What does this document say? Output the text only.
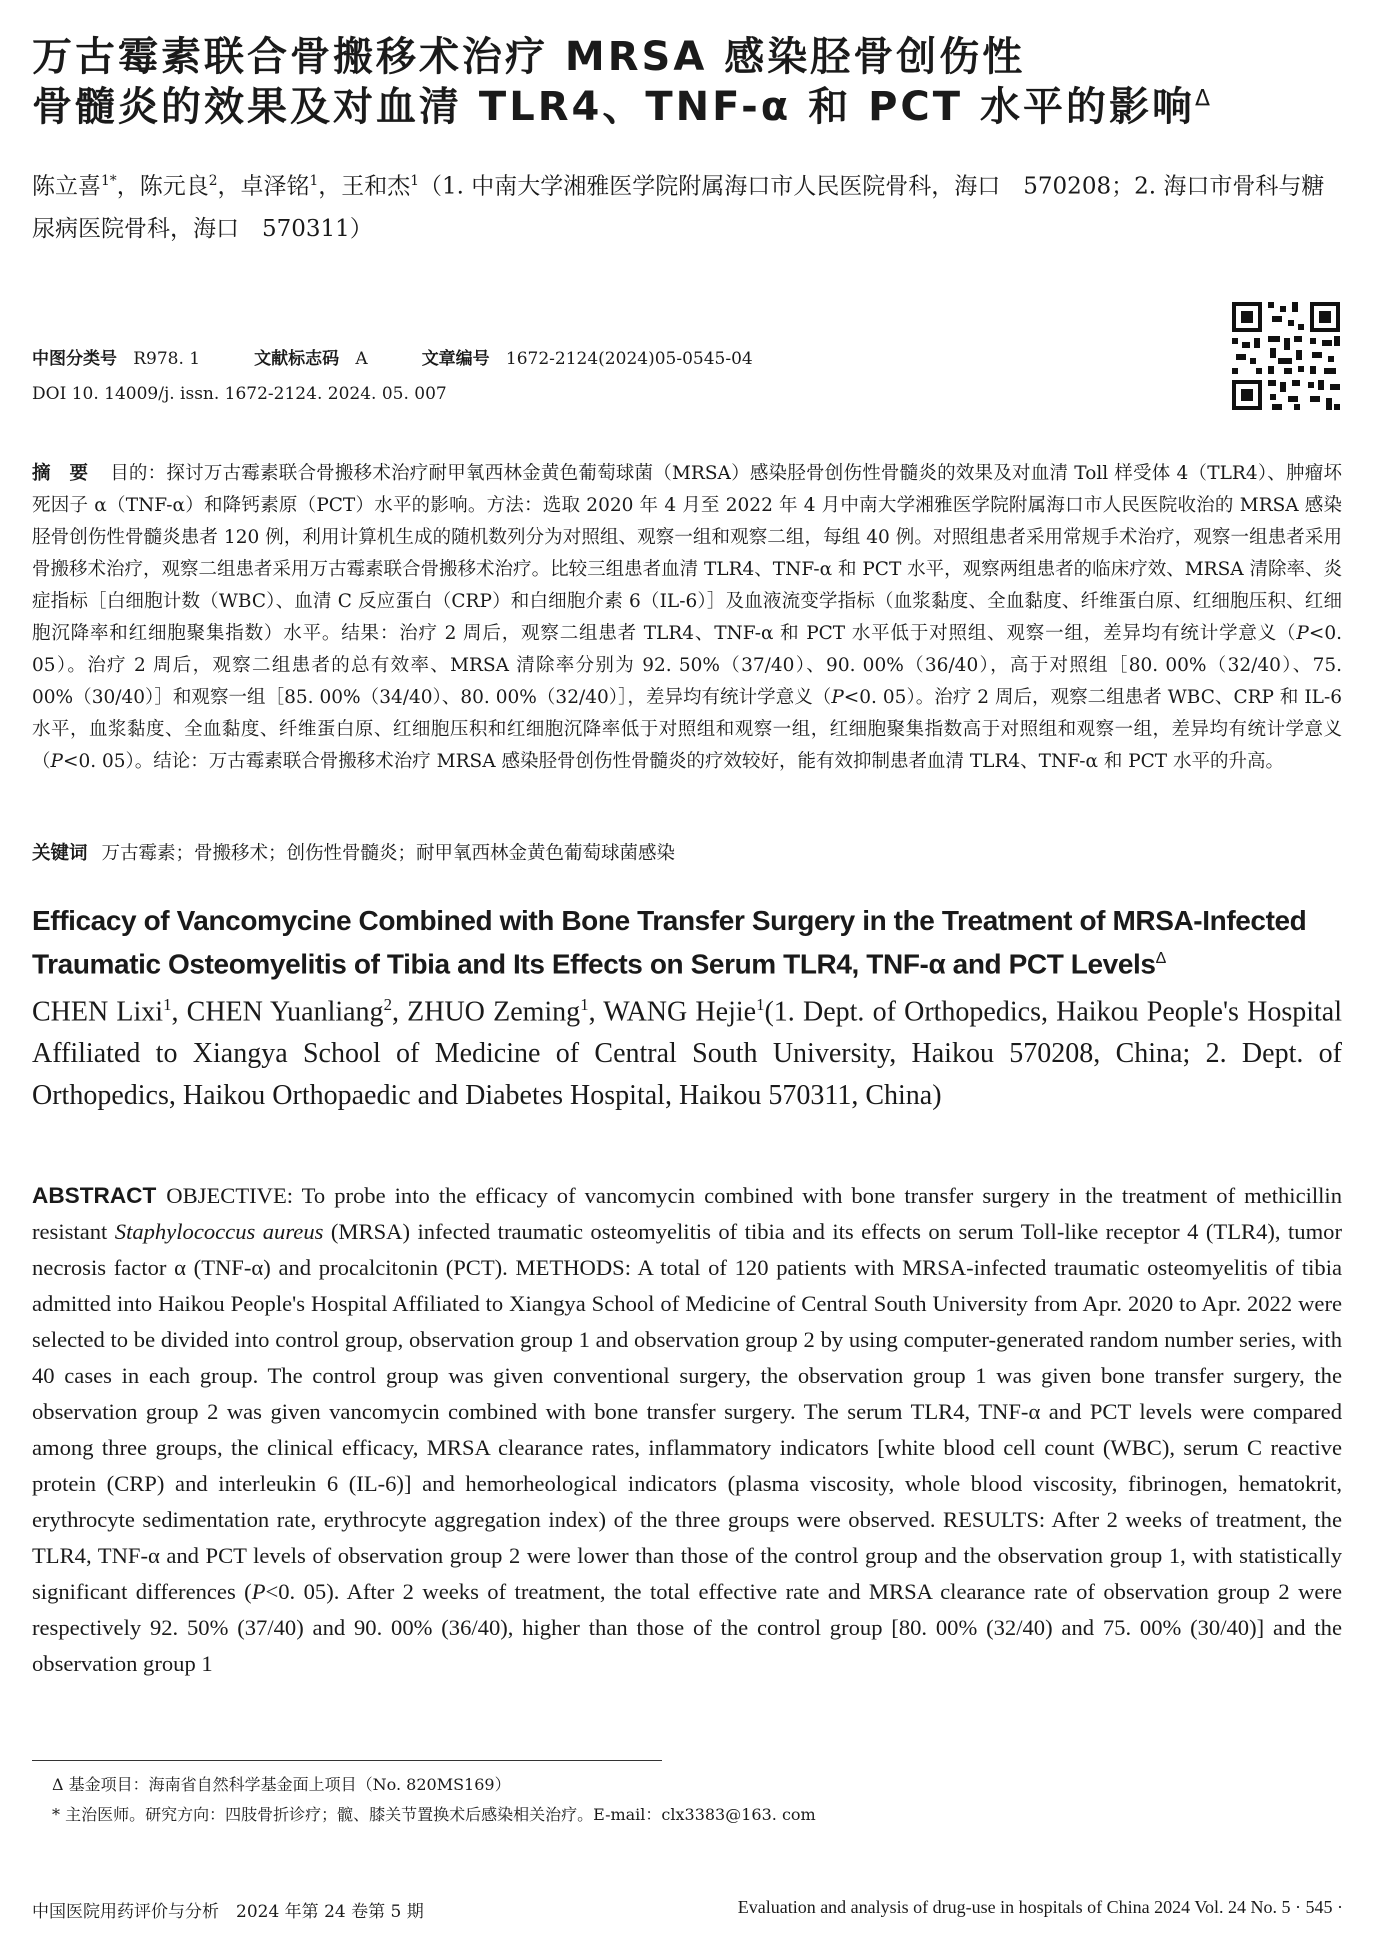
万古霉素联合骨搬移术治疗 MRSA 感染胫骨创伤性
骨髓炎的效果及对血清 TLR4、TNF-α 和 PCT 水平的影响$^\Delta$
陈立喜$^{1*}$，陈元良$^2$，卓泽铭$^1$，王和杰$^1$（1. 中南大学湘雅医学院附属海口市人民医院骨科，海口　570208；2. 海口市骨科与糖尿病医院骨科，海口　570311）
中图分类号 R978. 1	文献标志码 A	文章编号 1672-2124(2024)05-0545-04
DOI 10. 14009/j. issn. 1672-2124. 2024. 05. 007
摘　要 目的：探讨万古霉素联合骨搬移术治疗耐甲氧西林金黄色葡萄球菌（MRSA）感染胫骨创伤性骨髓炎的效果及对血清 Toll 样受体 4（TLR4）、肿瘤坏死因子 α（TNF-α）和降钙素原（PCT）水平的影响。方法：选取 2020 年 4 月至 2022 年 4 月中南大学湘雅医学院附属海口市人民医院收治的 MRSA 感染胫骨创伤性骨髓炎患者 120 例，利用计算机生成的随机数列分为对照组、观察一组和观察二组，每组 40 例。对照组患者采用常规手术治疗，观察一组患者采用骨搬移术治疗，观察二组患者采用万古霉素联合骨搬移术治疗。比较三组患者血清 TLR4、TNF-α 和 PCT 水平，观察两组患者的临床疗效、MRSA 清除率、炎症指标［白细胞计数（WBC）、血清 C 反应蛋白（CRP）和白细胞介素 6（IL-6）］及血液流变学指标（血浆黏度、全血黏度、纤维蛋白原、红细胞压积、红细胞沉降率和红细胞聚集指数）水平。结果：治疗 2 周后，观察二组患者 TLR4、TNF-α 和 PCT 水平低于对照组、观察一组，差异均有统计学意义（P<0. 05）。治疗 2 周后，观察二组患者的总有效率、MRSA 清除率分别为 92. 50%（37/40）、90. 00%（36/40），高于对照组［80. 00%（32/40）、75. 00%（30/40）］和观察一组［85. 00%（34/40）、80. 00%（32/40）］，差异均有统计学意义（P<0. 05）。治疗 2 周后，观察二组患者 WBC、CRP 和 IL-6 水平，血浆黏度、全血黏度、纤维蛋白原、红细胞压积和红细胞沉降率低于对照组和观察一组，红细胞聚集指数高于对照组和观察一组，差异均有统计学意义（P<0. 05）。结论：万古霉素联合骨搬移术治疗 MRSA 感染胫骨创伤性骨髓炎的疗效较好，能有效抑制患者血清 TLR4、TNF-α 和 PCT 水平的升高。
关键词 万古霉素；骨搬移术；创伤性骨髓炎；耐甲氧西林金黄色葡萄球菌感染
Efficacy of Vancomycine Combined with Bone Transfer Surgery in the Treatment of MRSA-Infected Traumatic Osteomyelitis of Tibia and Its Effects on Serum TLR4, TNF-α and PCT Levels$^\Delta$
CHEN Lixi$^1$, CHEN Yuanliang$^2$, ZHUO Zeming$^1$, WANG Hejie$^1$(1. Dept. of Orthopedics, Haikou People's Hospital Affiliated to Xiangya School of Medicine of Central South University, Haikou 570208, China; 2. Dept. of Orthopedics, Haikou Orthopaedic and Diabetes Hospital, Haikou 570311, China)
ABSTRACT OBJECTIVE: To probe into the efficacy of vancomycin combined with bone transfer surgery in the treatment of methicillin resistant Staphylococcus aureus (MRSA) infected traumatic osteomyelitis of tibia and its effects on serum Toll-like receptor 4 (TLR4), tumor necrosis factor α (TNF-α) and procalcitonin (PCT). METHODS: A total of 120 patients with MRSA-infected traumatic osteomyelitis of tibia admitted into Haikou People's Hospital Affiliated to Xiangya School of Medicine of Central South University from Apr. 2020 to Apr. 2022 were selected to be divided into control group, observation group 1 and observation group 2 by using computer-generated random number series, with 40 cases in each group. The control group was given conventional surgery, the observation group 1 was given bone transfer surgery, the observation group 2 was given vancomycin combined with bone transfer surgery. The serum TLR4, TNF-α and PCT levels were compared among three groups, the clinical efficacy, MRSA clearance rates, inflammatory indicators [white blood cell count (WBC), serum C reactive protein (CRP) and interleukin 6 (IL-6)] and hemorheological indicators (plasma viscosity, whole blood viscosity, fibrinogen, hematokrit, erythrocyte sedimentation rate, erythrocyte aggregation index) of the three groups were observed. RESULTS: After 2 weeks of treatment, the TLR4, TNF-α and PCT levels of observation group 2 were lower than those of the control group and the observation group 1, with statistically significant differences (P<0. 05). After 2 weeks of treatment, the total effective rate and MRSA clearance rate of observation group 2 were respectively 92. 50% (37/40) and 90. 00% (36/40), higher than those of the control group [80. 00% (32/40) and 75. 00% (30/40)] and the observation group 1
Δ 基金项目：海南省自然科学基金面上项目（No. 820MS169）
* 主治医师。研究方向：四肢骨折诊疗；髋、膝关节置换术后感染相关治疗。E-mail：clx3383@163. com
中国医院用药评价与分析　2024 年第 24 卷第 5 期	Evaluation and analysis of drug-use in hospitals of China 2024 Vol. 24 No. 5 · 545 ·
